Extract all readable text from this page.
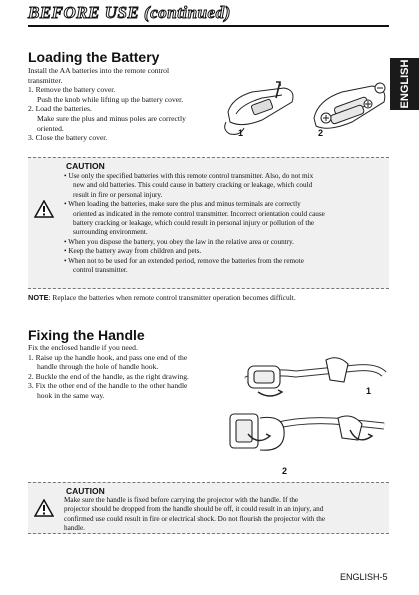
BEFORE USE (continued)
ENGLISH
Loading the Battery
Install the AA batteries into the remote control
transmitter.
1. Remove the battery cover.
Push the knob while lifting up the battery cover.
2. Load the batteries.
Make sure the plus and minus poles are correctly
oriented.
3. Close the battery cover.	1	2
CAUTION
• Use only the specified batteries with this remote control transmitter. Also, do not mix
new and old batteries. This could cause in battery cracking or leakage, which could
result in fire or personal injury.
• When loading the batteries, make sure the plus and minus terminals are correctly
oriented as indicated in the remote control transmitter. Incorrect orientation could cause
battery cracking or leakage, which could result in personal injury or pollution of the
surrounding environment.
• When you dispose the battery, you obey the law in the relative area or country.
• Keep the battery away from children and pets.
• When not to be used for an extended period, remove the batteries from the remote
control transmitter.
NOTE: Replace the batteries when remote control transmitter operation becomes difficult.
Fixing the Handle
Fix the enclosed handle if you need.
1. Raise up the handle hook, and pass one end of the
handle through the hole of handle hook.
2. Buckle the end of the handle, as the right drawing.
3. Fix the other end of the handle to the other handle
hook in the same way.	1
2
CAUTION
Make sure the handle is fixed before carrying the projector with the handle. If the
projector should be dropped from the handle should be off, it could result in an injury, and
confirmed use could result in fire or electrical shock. Do not flourish the projector with the
handle.
ENGLISH-5
